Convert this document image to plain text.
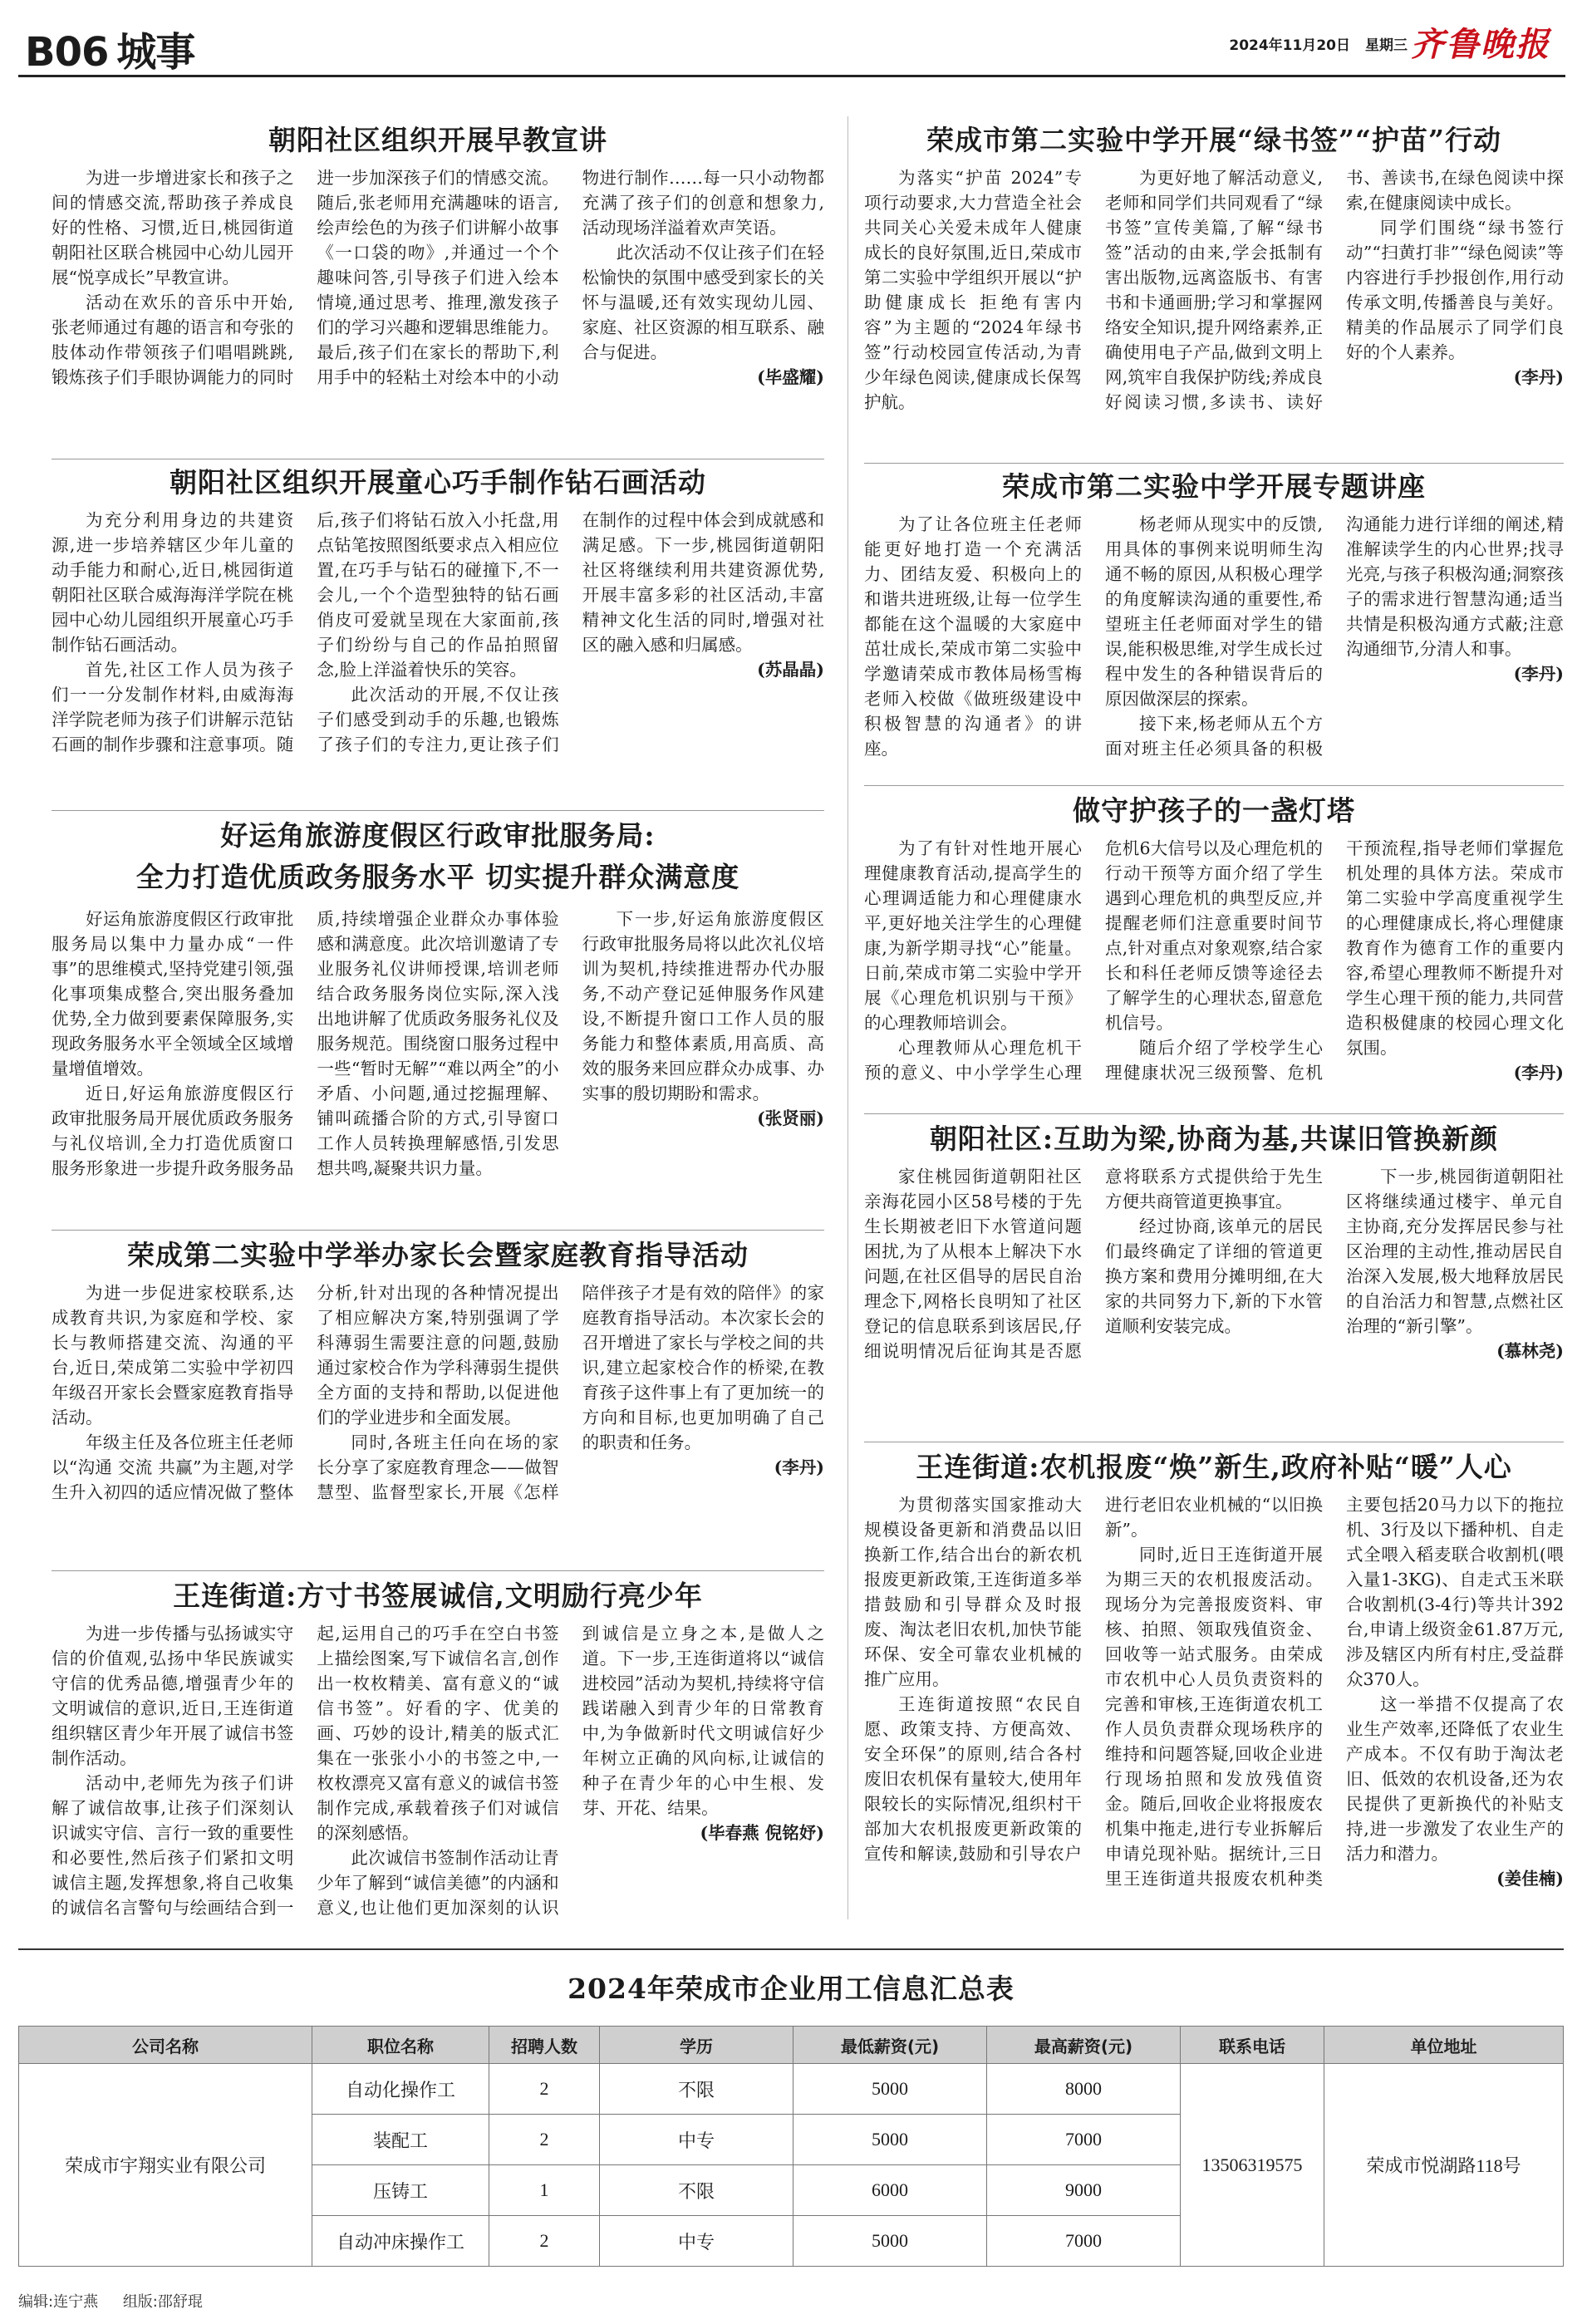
B06 城事	2024年11月20日 星期三 齐鲁晚报
朝阳社区组织开展早教宣讲

为进一步增进家长和孩子之间的情感交流,帮助孩子养成良好的性格、习惯,近日,桃园街道朝阳社区联合桃园中心幼儿园开展“悦享成长”早教宣讲。

活动在欢乐的音乐中开始,张老师通过有趣的语言和夸张的肢体动作带领孩子们唱唱跳跳,锻炼孩子们手眼协调能力的同时进一步加深孩子们的情感交流。随后,张老师用充满趣味的语言,绘声绘色的为孩子们讲解小故事《一口袋的吻》,并通过一个个趣味问答,引导孩子们进入绘本情境,通过思考、推理,激发孩子们的学习兴趣和逻辑思维能力。最后,孩子们在家长的帮助下,利用手中的轻粘土对绘本中的小动物进行制作……每一只小动物都充满了孩子们的创意和想象力,活动现场洋溢着欢声笑语。

此次活动不仅让孩子们在轻松愉快的氛围中感受到家长的关怀与温暖,还有效实现幼儿园、家庭、社区资源的相互联系、融合与促进。

(毕盛耀)
朝阳社区组织开展童心巧手制作钻石画活动

为充分利用身边的共建资源,进一步培养辖区少年儿童的动手能力和耐心,近日,桃园街道朝阳社区联合威海海洋学院在桃园中心幼儿园组织开展童心巧手制作钻石画活动。

首先,社区工作人员为孩子们一一分发制作材料,由威海海洋学院老师为孩子们讲解示范钻石画的制作步骤和注意事项。随后,孩子们将钻石放入小托盘,用点钻笔按照图纸要求点入相应位置,在巧手与钻石的碰撞下,不一会儿,一个个造型独特的钻石画俏皮可爱就呈现在大家面前,孩子们纷纷与自己的作品拍照留念,脸上洋溢着快乐的笑容。

此次活动的开展,不仅让孩子们感受到动手的乐趣,也锻炼了孩子们的专注力,更让孩子们在制作的过程中体会到成就感和满足感。下一步,桃园街道朝阳社区将继续利用共建资源优势,开展丰富多彩的社区活动,丰富精神文化生活的同时,增强对社区的融入感和归属感。

(苏晶晶)
好运角旅游度假区行政审批服务局:
全力打造优质政务服务水平 切实提升群众满意度

好运角旅游度假区行政审批服务局以集中力量办成“一件事”的思维模式,坚持党建引领,强化事项集成整合,突出服务叠加优势,全力做到要素保障服务,实现政务服务水平全领域全区域增量增值增效。

近日,好运角旅游度假区行政审批服务局开展优质政务服务与礼仪培训,全力打造优质窗口服务形象进一步提升政务服务品质,持续增强企业群众办事体验感和满意度。此次培训邀请了专业服务礼仪讲师授课,培训老师结合政务服务岗位实际,深入浅出地讲解了优质政务服务礼仪及服务规范。围绕窗口服务过程中一些“暂时无解”“难以两全”的小矛盾、小问题,通过挖掘理解、铺叫疏播合阶的方式,引导窗口工作人员转换理解感悟,引发思想共鸣,凝聚共识力量。

下一步,好运角旅游度假区行政审批服务局将以此次礼仪培训为契机,持续推进帮办代办服务,不动产登记延伸服务作风建设,不断提升窗口工作人员的服务能力和整体素质,用高质、高效的服务来回应群众办成事、办实事的殷切期盼和需求。

(张贤丽)
荣成第二实验中学举办家长会暨家庭教育指导活动

为进一步促进家校联系,达成教育共识,为家庭和学校、家长与教师搭建交流、沟通的平台,近日,荣成第二实验中学初四年级召开家长会暨家庭教育指导活动。

年级主任及各位班主任老师以“沟通 交流 共赢”为主题,对学生升入初四的适应情况做了整体分析,针对出现的各种情况提出了相应解决方案,特别强调了学科薄弱生需要注意的问题,鼓励通过家校合作为学科薄弱生提供全方面的支持和帮助,以促进他们的学业进步和全面发展。

同时,各班主任向在场的家长分享了家庭教育理念——做智慧型、监督型家长,开展《怎样陪伴孩子才是有效的陪伴》的家庭教育指导活动。本次家长会的召开增进了家长与学校之间的共识,建立起家校合作的桥梁,在教育孩子这件事上有了更加统一的方向和目标,也更加明确了自己的职责和任务。

(李丹)
王连街道:方寸书签展诚信,文明励行亮少年

为进一步传播与弘扬诚实守信的价值观,弘扬中华民族诚实守信的优秀品德,增强青少年的文明诚信的意识,近日,王连街道组织辖区青少年开展了诚信书签制作活动。

活动中,老师先为孩子们讲解了诚信故事,让孩子们深刻认识诚实守信、言行一致的重要性和必要性,然后孩子们紧扣文明诚信主题,发挥想象,将自己收集的诚信名言警句与绘画结合到一起,运用自己的巧手在空白书签上描绘图案,写下诚信名言,创作出一枚枚精美、富有意义的“诚信书签”。好看的字、优美的画、巧妙的设计,精美的版式汇集在一张张小小的书签之中,一枚枚漂亮又富有意义的诚信书签制作完成,承载着孩子们对诚信的深刻感悟。

此次诚信书签制作活动让青少年了解到“诚信美德”的内涵和意义,也让他们更加深刻的认识到诚信是立身之本,是做人之道。下一步,王连街道将以“诚信进校园”活动为契机,持续将守信践诺融入到青少年的日常教育中,为争做新时代文明诚信好少年树立正确的风向标,让诚信的种子在青少年的心中生根、发芽、开花、结果。

(毕春燕 倪铭妤)
荣成市第二实验中学开展“绿书签”“护苗”行动

为落实“护苗 2024”专项行动要求,大力营造全社会共同关心关爱未成年人健康成长的良好氛围,近日,荣成市第二实验中学组织开展以“护助健康成长 拒绝有害内容”为主题的“2024年绿书签”行动校园宣传活动,为青少年绿色阅读,健康成长保驾护航。

为更好地了解活动意义,老师和同学们共同观看了“绿书签”宣传美篇,了解“绿书签”活动的由来,学会抵制有害出版物,远离盗版书、有害书和卡通画册;学习和掌握网络安全知识,提升网络素养,正确使用电子产品,做到文明上网,筑牢自我保护防线;养成良好阅读习惯,多读书、读好书、善读书,在绿色阅读中探索,在健康阅读中成长。

同学们围绕“绿书签行动”“扫黄打非”“绿色阅读”等内容进行手抄报创作,用行动传承文明,传播善良与美好。精美的作品展示了同学们良好的个人素养。

(李丹)
荣成市第二实验中学开展专题讲座

为了让各位班主任老师能更好地打造一个充满活力、团结友爱、积极向上的和谐共进班级,让每一位学生都能在这个温暖的大家庭中茁壮成长,荣成市第二实验中学邀请荣成市教体局杨雪梅老师入校做《做班级建设中积极智慧的沟通者》的讲座。

杨老师从现实中的反馈,用具体的事例来说明师生沟通不畅的原因,从积极心理学的角度解读沟通的重要性,希望班主任老师面对学生的错误,能积极思维,对学生成长过程中发生的各种错误背后的原因做深层的探索。

接下来,杨老师从五个方面对班主任必须具备的积极沟通能力进行详细的阐述,精准解读学生的内心世界;找寻光亮,与孩子积极沟通;洞察孩子的需求进行智慧沟通;适当共情是积极沟通方式蔽;注意沟通细节,分清人和事。

(李丹)
做守护孩子的一盏灯塔

为了有针对性地开展心理健康教育活动,提高学生的心理调适能力和心理健康水平,更好地关注学生的心理健康,为新学期寻找“心”能量。日前,荣成市第二实验中学开展《心理危机识别与干预》的心理教师培训会。

心理教师从心理危机干预的意义、中小学学生心理危机6大信号以及心理危机的行动干预等方面介绍了学生遇到心理危机的典型反应,并提醒老师们注意重要时间节点,针对重点对象观察,结合家长和科任老师反馈等途径去了解学生的心理状态,留意危机信号。

随后介绍了学校学生心理健康状况三级预警、危机干预流程,指导老师们掌握危机处理的具体方法。荣成市第二实验中学高度重视学生的心理健康成长,将心理健康教育作为德育工作的重要内容,希望心理教师不断提升对学生心理干预的能力,共同营造积极健康的校园心理文化氛围。

(李丹)
朝阳社区:互助为梁,协商为基,共谋旧管换新颜

家住桃园街道朝阳社区亲海花园小区58号楼的于先生长期被老旧下水管道问题困扰,为了从根本上解决下水问题,在社区倡导的居民自治理念下,网格长良明知了社区登记的信息联系到该居民,仔细说明情况后征询其是否愿意将联系方式提供给于先生方便共商管道更换事宜。

经过协商,该单元的居民们最终确定了详细的管道更换方案和费用分摊明细,在大家的共同努力下,新的下水管道顺利安装完成。

下一步,桃园街道朝阳社区将继续通过楼宇、单元自主协商,充分发挥居民参与社区治理的主动性,推动居民自治深入发展,极大地释放居民的自治活力和智慧,点燃社区治理的“新引擎”。

(慕林尧)
王连街道:农机报废“焕”新生,政府补贴“暖”人心

为贯彻落实国家推动大规模设备更新和消费品以旧换新工作,结合出台的新农机报废更新政策,王连街道多举措鼓励和引导群众及时报废、淘汰老旧农机,加快节能环保、安全可靠农业机械的推广应用。

王连街道按照“农民自愿、政策支持、方便高效、安全环保”的原则,结合各村废旧农机保有量较大,使用年限较长的实际情况,组织村干部加大农机报废更新政策的宣传和解读,鼓励和引导农户进行老旧农业机械的“以旧换新”。

同时,近日王连街道开展为期三天的农机报废活动。现场分为完善报废资料、审核、拍照、领取残值资金、回收等一站式服务。由荣成市农机中心人员负责资料的完善和审核,王连街道农机工作人员负责群众现场秩序的维持和问题答疑,回收企业进行现场拍照和发放残值资金。随后,回收企业将报废农机集中拖走,进行专业拆解后申请兑现补贴。据统计,三日里王连街道共报废农机种类主要包括20马力以下的拖拉机、3行及以下播种机、自走式全喂入稻麦联合收割机(喂入量1-3KG)、自走式玉米联合收割机(3-4行)等共计392台,申请上级资金61.87万元,涉及辖区内所有村庄,受益群众370人。

这一举措不仅提高了农业生产效率,还降低了农业生产成本。不仅有助于淘汰老旧、低效的农机设备,还为农民提供了更新换代的补贴支持,进一步激发了农业生产的活力和潜力。

(姜佳楠)
2024年荣成市企业用工信息汇总表
公司名称	职位名称	招聘人数	学历	最低薪资(元)	最高薪资(元)	联系电话	单位地址
荣成市宇翔实业有限公司	自动化操作工	2	不限	5000	8000	13506319575	荣成市悦湖路118号
	装配工	2	中专	5000	7000		
	压铸工	1	不限	6000	9000		
	自动冲床操作工	2	中专	5000	7000		
编辑:连宁燕 组版:邵舒琨
